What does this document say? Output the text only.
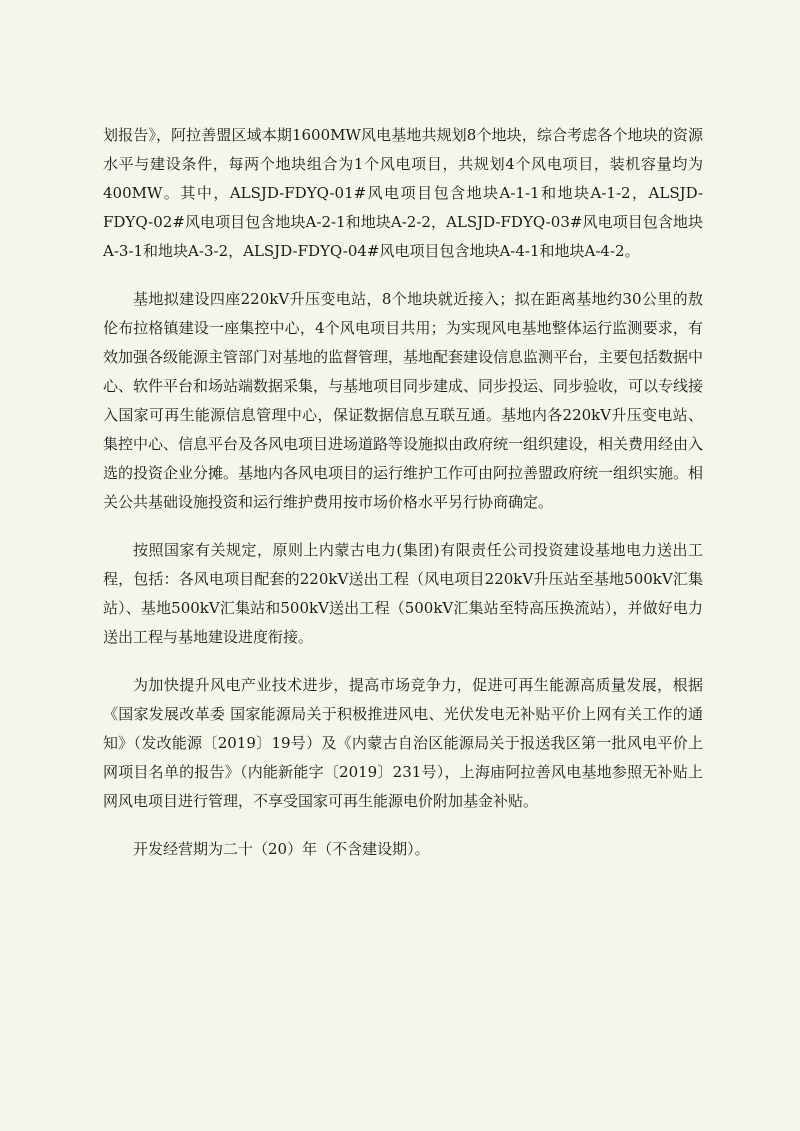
划报告》，阿拉善盟区域本期1600MW风电基地共规划8个地块，综合考虑各个地块的资源水平与建设条件，每两个地块组合为1个风电项目，共规划4个风电项目，装机容量均为400MW。其中，ALSJD-FDYQ-01#风电项目包含地块A-1-1和地块A-1-2，ALSJD-FDYQ-02#风电项目包含地块A-2-1和地块A-2-2，ALSJD-FDYQ-03#风电项目包含地块A-3-1和地块A-3-2，ALSJD-FDYQ-04#风电项目包含地块A-4-1和地块A-4-2。

基地拟建设四座220kV升压变电站，8个地块就近接入；拟在距离基地约30公里的敖伦布拉格镇建设一座集控中心，4个风电项目共用；为实现风电基地整体运行监测要求，有效加强各级能源主管部门对基地的监督管理，基地配套建设信息监测平台，主要包括数据中心、软件平台和场站端数据采集，与基地项目同步建成、同步投运、同步验收，可以专线接入国家可再生能源信息管理中心，保证数据信息互联互通。基地内各220kV升压变电站、集控中心、信息平台及各风电项目进场道路等设施拟由政府统一组织建设，相关费用经由入选的投资企业分摊。基地内各风电项目的运行维护工作可由阿拉善盟政府统一组织实施。相关公共基础设施投资和运行维护费用按市场价格水平另行协商确定。

按照国家有关规定，原则上内蒙古电力(集团)有限责任公司投资建设基地电力送出工程，包括：各风电项目配套的220kV送出工程（风电项目220kV升压站至基地500kV汇集站）、基地500kV汇集站和500kV送出工程（500kV汇集站至特高压换流站），并做好电力送出工程与基地建设进度衔接。

为加快提升风电产业技术进步，提高市场竞争力，促进可再生能源高质量发展，根据《国家发展改革委 国家能源局关于积极推进风电、光伏发电无补贴平价上网有关工作的通知》（发改能源〔2019〕19号）及《内蒙古自治区能源局关于报送我区第一批风电平价上网项目名单的报告》（内能新能字〔2019〕231号），上海庙阿拉善风电基地参照无补贴上网风电项目进行管理，不享受国家可再生能源电价附加基金补贴。

开发经营期为二十（20）年（不含建设期）。
